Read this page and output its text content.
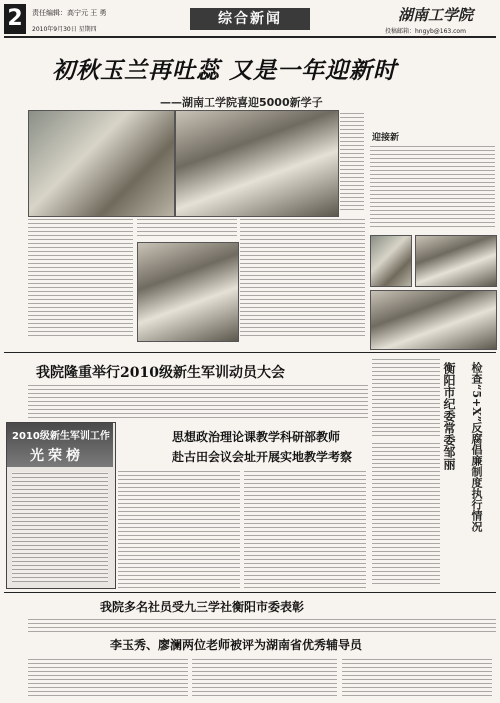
2	责任编辑：高宁元 王 勇
2010年9月30日 星期四
综合新闻	湖南工学院
投稿邮箱：hngyb@163.com
初秋玉兰再吐蕊 又是一年迎新时
——湖南工学院喜迎5000新学子
迎接新
我院隆重举行2010级新生军训动员大会	衡阳市纪委常委邹丽 检查“5+X”反腐倡廉制度执行情况
2010级新生军训工作
光荣榜
思想政治理论课教学科研部教师
赴古田会议会址开展实地教学考察
我院多名社员受九三学社衡阳市委表彰
李玉秀、廖澜两位老师被评为湖南省优秀辅导员
